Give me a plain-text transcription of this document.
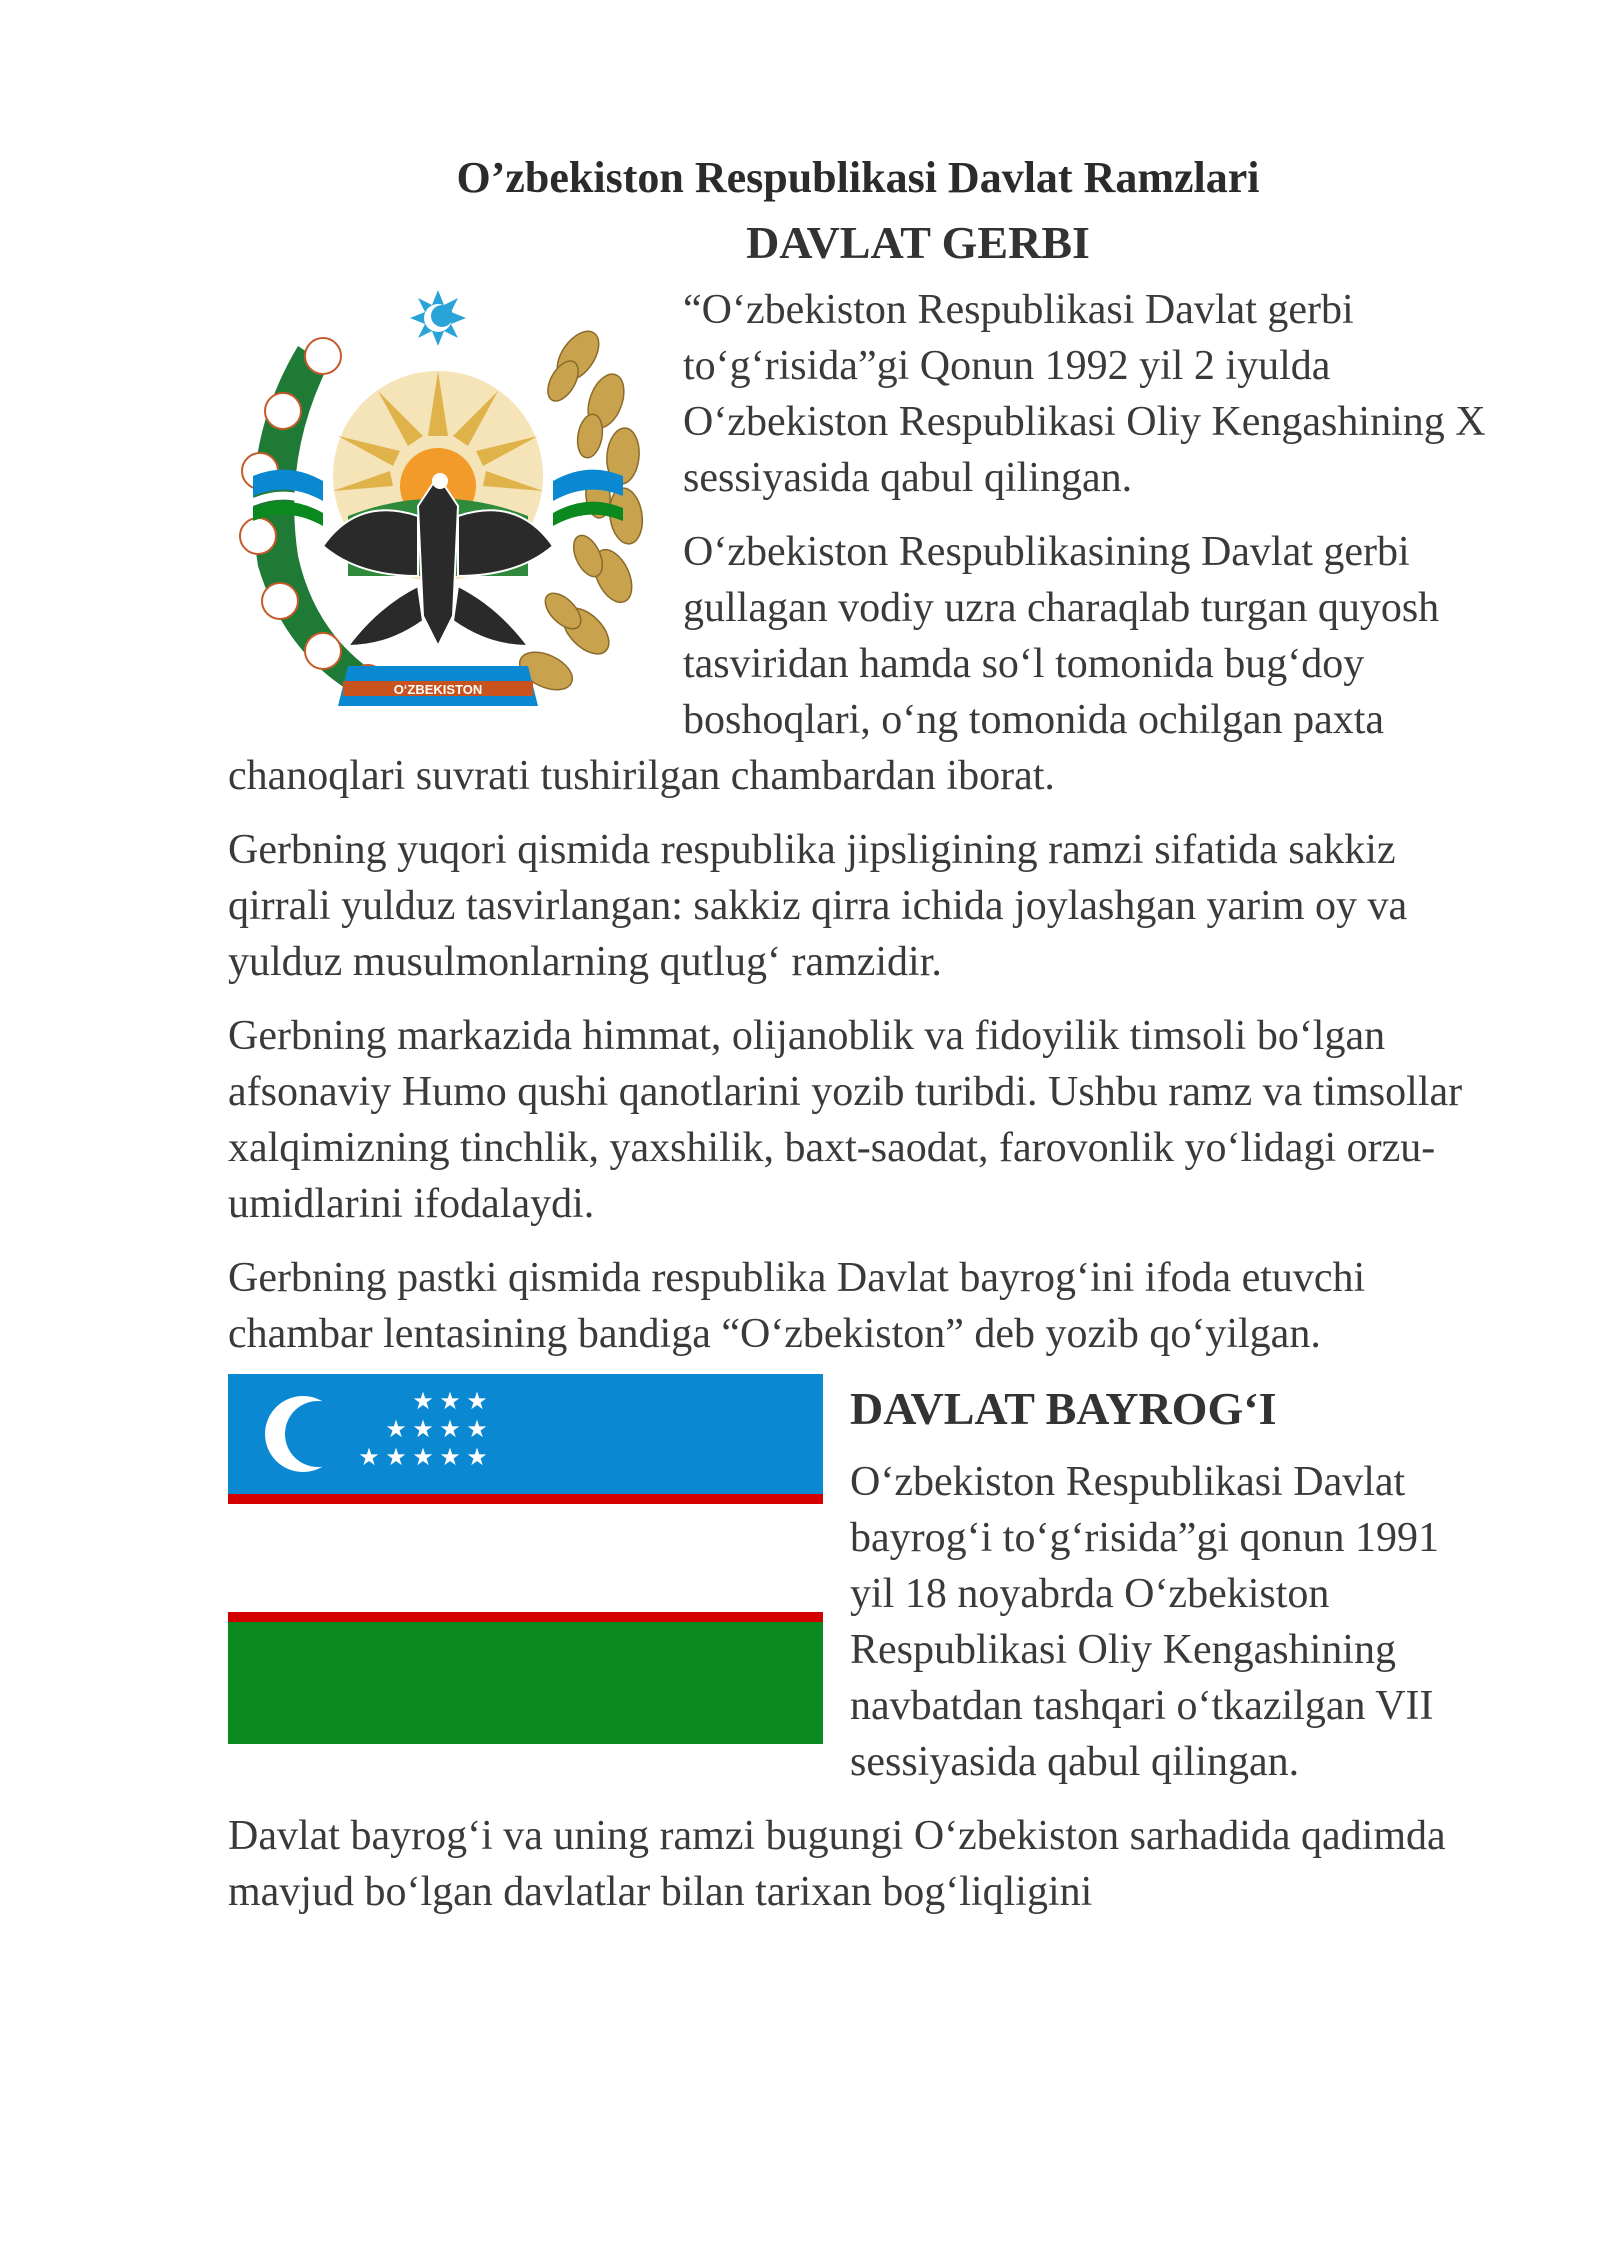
O’zbekiston Respublikasi Davlat Ramzlari
DAVLAT GERBI
O‘ZBEKISTON

“O‘zbekiston Respublikasi Davlat gerbi to‘g‘risida”gi Qonun 1992 yil 2 iyulda O‘zbekiston Respublikasi Oliy Kengashining X sessiyasida qabul qilingan.

O‘zbekiston Respublikasining Davlat gerbi gullagan vodiy uzra charaqlab turgan quyosh tasviridan hamda so‘l tomonida bug‘doy boshoqlari, o‘ng tomonida ochilgan paxta chanoqlari suvrati tushirilgan chambardan iborat.

Gerbning yuqori qismida respublika jipsligining ramzi sifatida sakkiz qirrali yulduz tasvirlangan: sakkiz qirra ichida joylashgan yarim oy va yulduz musulmonlarning qutlug‘ ramzidir.

Gerbning markazida himmat, olijanoblik va fidoyilik timsoli bo‘lgan afsonaviy Humo qushi qanotlarini yozib turibdi. Ushbu ramz va timsollar xalqimizning tinchlik, yaxshilik, baxt-saodat, farovonlik yo‘lidagi orzu-umidlarini ifodalaydi.

Gerbning pastki qismida respublika Davlat bayrog‘ini ifoda etuvchi chambar lentasining bandiga “O‘zbekiston” deb yozib qo‘yilgan.

★ ★ ★
★ ★ ★ ★
★ ★ ★ ★ ★
DAVLAT BAYROG‘I

O‘zbekiston Respublikasi Davlat bayrog‘i to‘g‘risida”gi qonun 1991 yil 18 noyabrda O‘zbekiston Respublikasi Oliy Kengashining navbatdan tashqari o‘tkazilgan VII sessiyasida qabul qilingan.

Davlat bayrog‘i va uning ramzi bugungi O‘zbekiston sarhadida qadimda mavjud bo‘lgan davlatlar bilan tarixan bog‘liqligini
